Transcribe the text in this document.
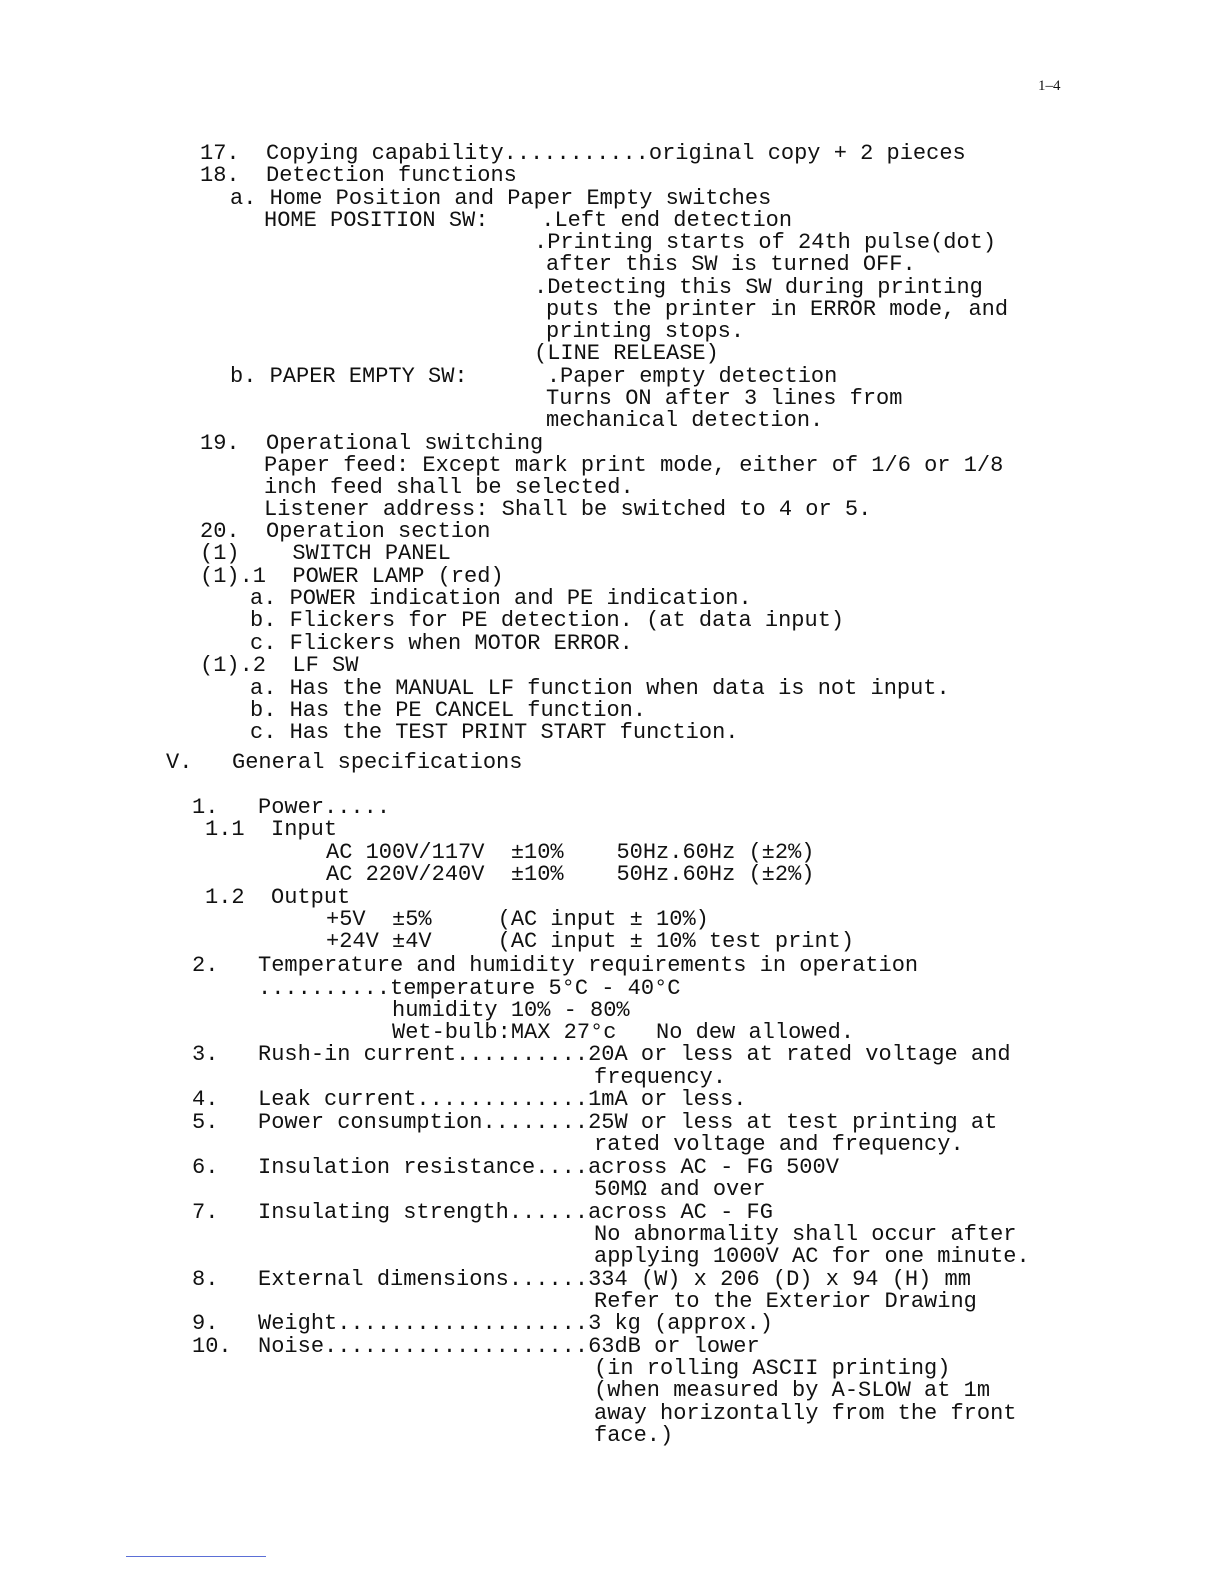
1–4
17.  Copying capability...........original copy + 2 pieces
18.  Detection functions
a. Home Position and Paper Empty switches
HOME POSITION SW:    .Left end detection
.Printing starts of 24th pulse(dot)
after this SW is turned OFF.
.Detecting this SW during printing
puts the printer in ERROR mode, and
printing stops.
(LINE RELEASE)
b. PAPER EMPTY SW:      .Paper empty detection
Turns ON after 3 lines from
mechanical detection.
19.  Operational switching
Paper feed: Except mark print mode, either of 1/6 or 1/8
inch feed shall be selected.
Listener address: Shall be switched to 4 or 5.
20.  Operation section
(1)    SWITCH PANEL
(1).1  POWER LAMP (red)
a. POWER indication and PE indication.
b. Flickers for PE detection. (at data input)
c. Flickers when MOTOR ERROR.
(1).2  LF SW
a. Has the MANUAL LF function when data is not input.
b. Has the PE CANCEL function.
c. Has the TEST PRINT START function.
V.   General specifications
1.   Power.....
1.1  Input
AC 100V/117V  ±10%    50Hz.60Hz (±2%)
AC 220V/240V  ±10%    50Hz.60Hz (±2%)
1.2  Output
+5V  ±5%     (AC input ± 10%)
+24V ±4V     (AC input ± 10% test print)
2.   Temperature and humidity requirements in operation
..........temperature 5°C - 40°C
humidity 10% - 80%
Wet-bulb:MAX 27°c   No dew allowed.
3.   Rush-in current..........20A or less at rated voltage and
frequency.
4.   Leak current.............1mA or less.
5.   Power consumption........25W or less at test printing at
rated voltage and frequency.
6.   Insulation resistance....across AC - FG 500V
50MΩ and over
7.   Insulating strength......across AC - FG
No abnormality shall occur after
applying 1000V AC for one minute.
8.   External dimensions......334 (W) x 206 (D) x 94 (H) mm
Refer to the Exterior Drawing
9.   Weight...................3 kg (approx.)
10.  Noise....................63dB or lower
(in rolling ASCII printing)
(when measured by A-SLOW at 1m
away horizontally from the front
face.)
